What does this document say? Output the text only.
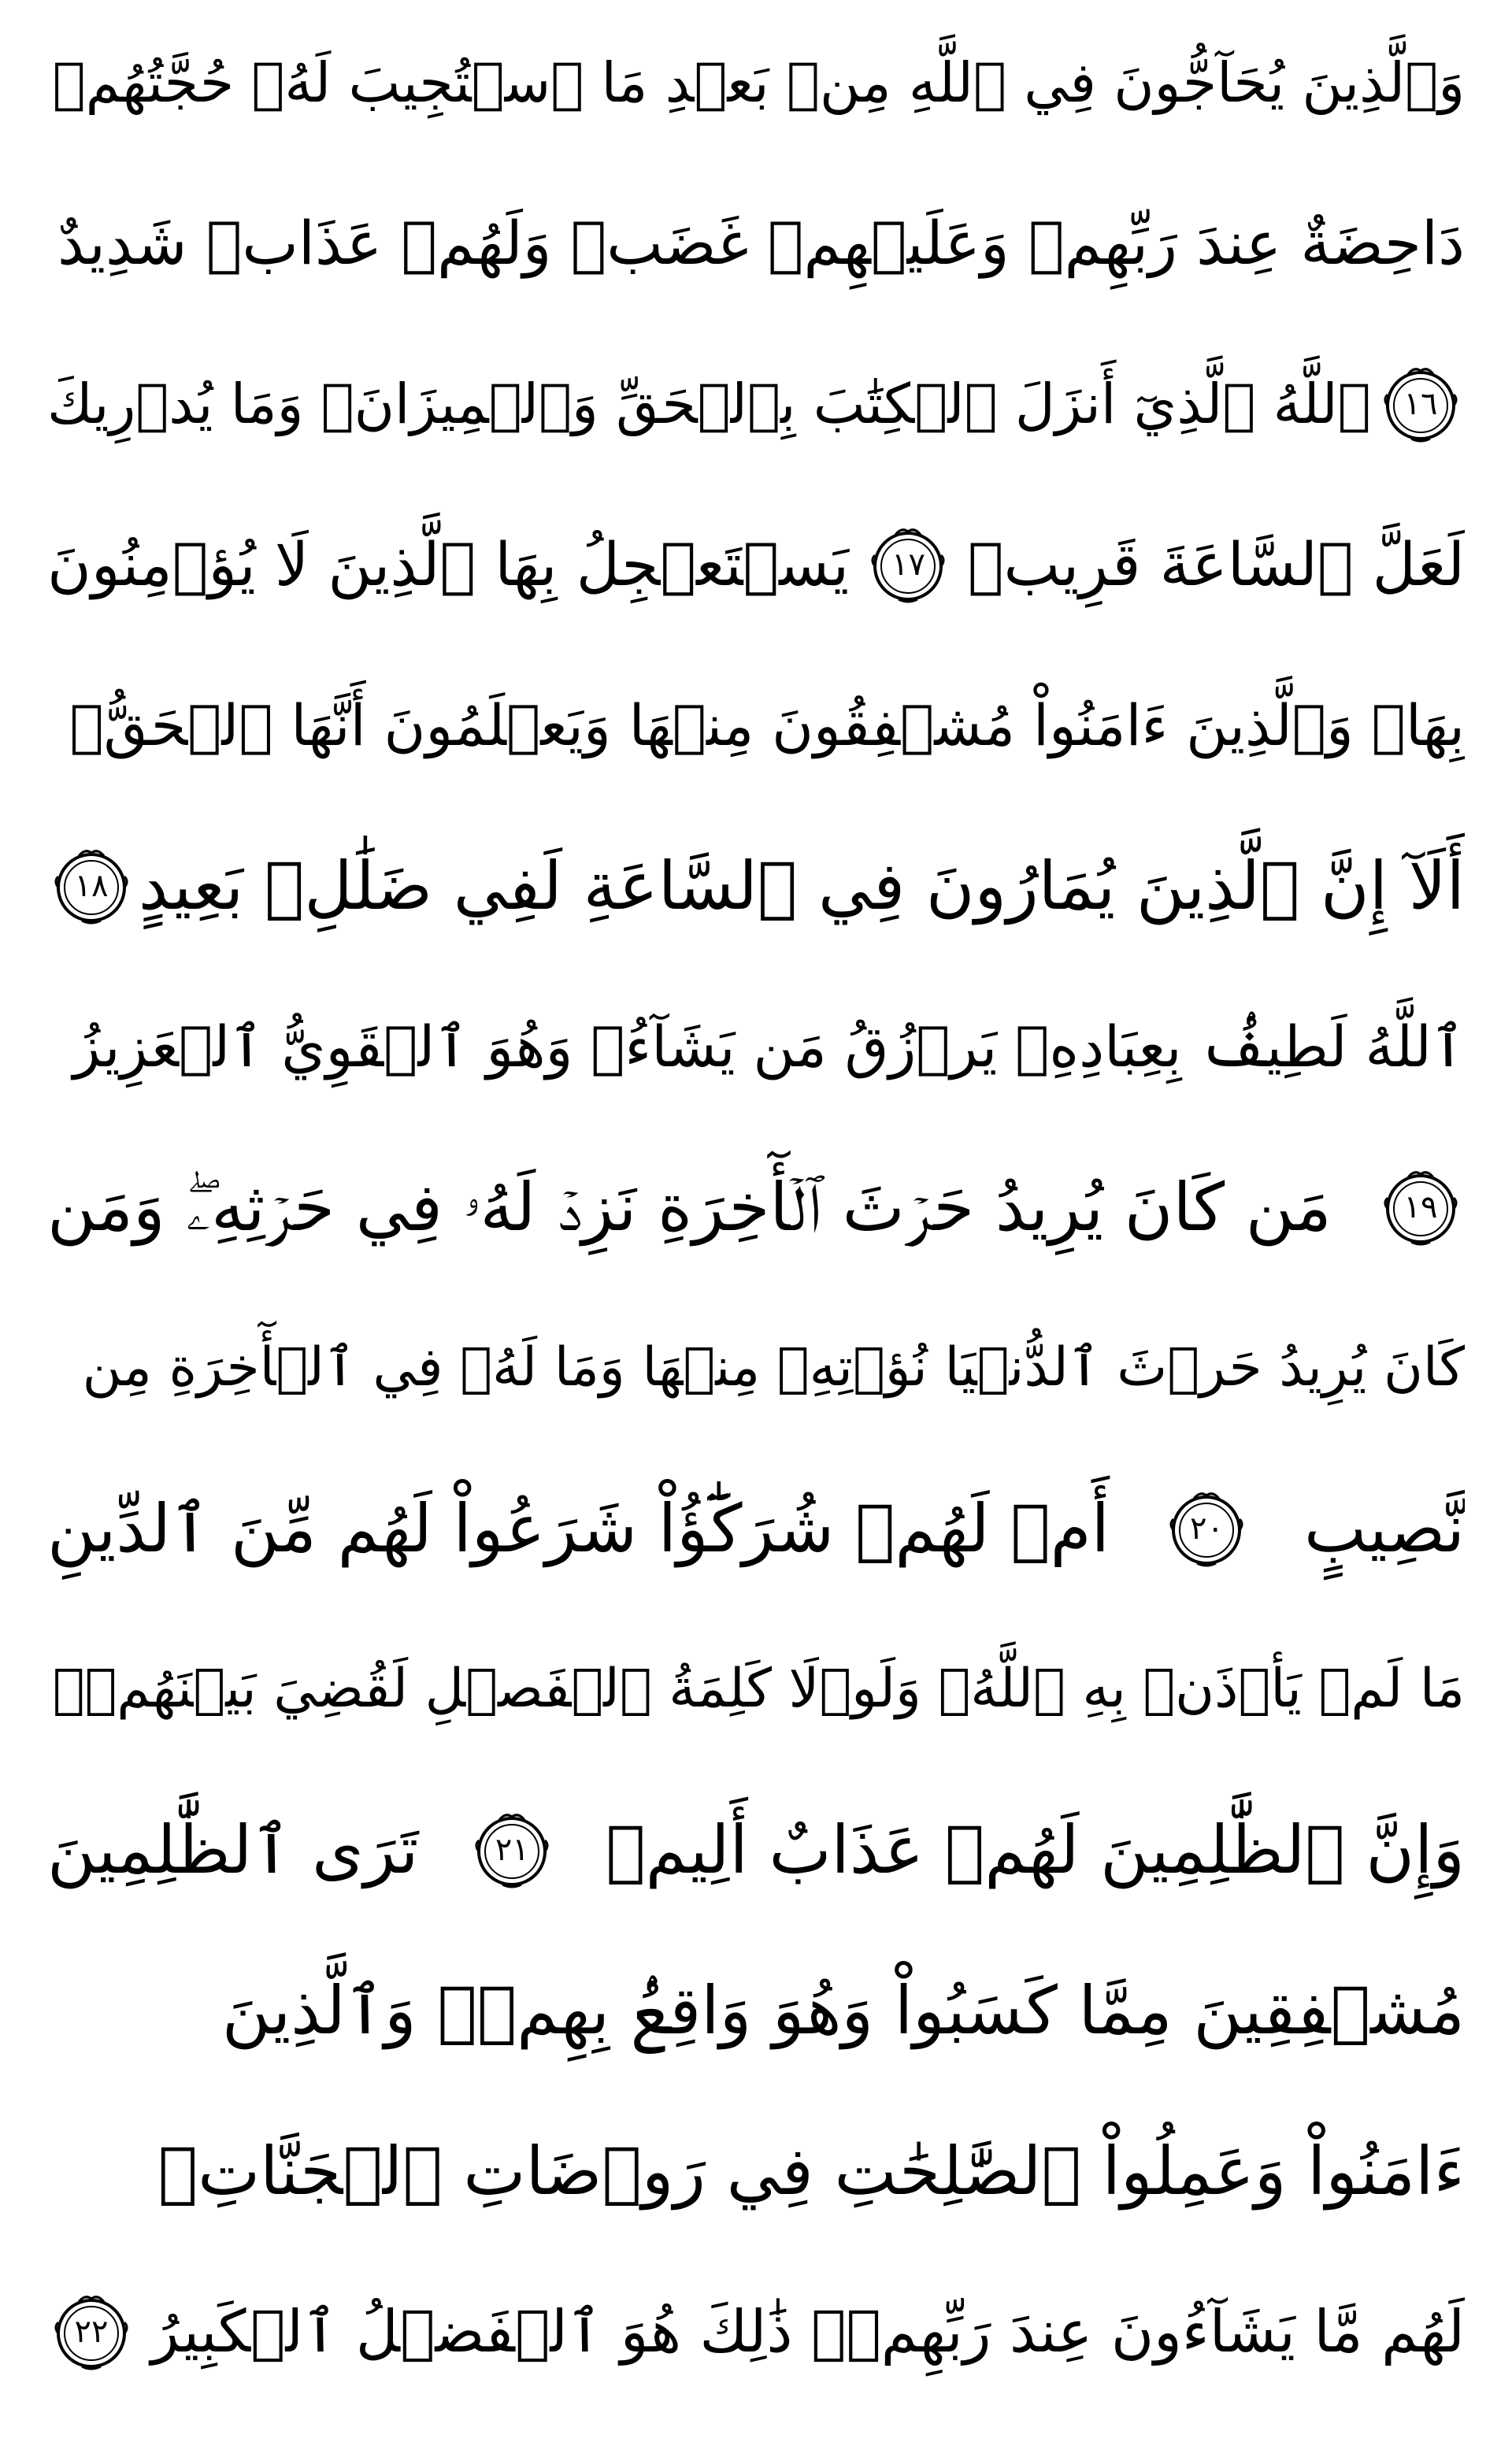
وَٱلَّذِينَ يُحَآجُّونَ فِي ٱللَّهِ مِنۢ بَعۡدِ مَا ٱسۡتُجِيبَ لَهُۥ حُجَّتُهُمۡ
دَاحِضَةٌ عِندَ رَبِّهِمۡ وَعَلَيۡهِمۡ غَضَبٞ وَلَهُمۡ عَذَابٞ شَدِيدٌ
١٦
ٱللَّهُ ٱلَّذِيٓ أَنزَلَ ٱلۡكِتَٰبَ بِٱلۡحَقِّ وَٱلۡمِيزَانَۗ وَمَا يُدۡرِيكَ
لَعَلَّ ٱلسَّاعَةَ قَرِيبٞ
١٧
يَسۡتَعۡجِلُ بِهَا ٱلَّذِينَ لَا يُؤۡمِنُونَ
بِهَاۖ وَٱلَّذِينَ ءَامَنُواْ مُشۡفِقُونَ مِنۡهَا وَيَعۡلَمُونَ أَنَّهَا ٱلۡحَقُّۗ
أَلَآ إِنَّ ٱلَّذِينَ يُمَارُونَ فِي ٱلسَّاعَةِ لَفِي ضَلَٰلِۭ بَعِيدٍ
١٨
ٱللَّهُ لَطِيفُۢ بِعِبَادِهِۦ يَرۡزُقُ مَن يَشَآءُۖ وَهُوَ ٱلۡقَوِيُّ ٱلۡعَزِيزُ
١٩
مَن كَانَ يُرِيدُ حَرۡثَ ٱلۡأٓخِرَةِ نَزِدۡ لَهُۥ فِي حَرۡثِهِۦۖ وَمَن
كَانَ يُرِيدُ حَرۡثَ ٱلدُّنۡيَا نُؤۡتِهِۦ مِنۡهَا وَمَا لَهُۥ فِي ٱلۡأٓخِرَةِ مِن
نَّصِيبٍ
٢٠
أَمۡ لَهُمۡ شُرَكَٰٓؤُاْ شَرَعُواْ لَهُم مِّنَ ٱلدِّينِ
مَا لَمۡ يَأۡذَنۢ بِهِ ٱللَّهُۚ وَلَوۡلَا كَلِمَةُ ٱلۡفَصۡلِ لَقُضِيَ بَيۡنَهُمۡۗ
وَإِنَّ ٱلظَّٰلِمِينَ لَهُمۡ عَذَابٌ أَلِيمٞ
٢١
تَرَى ٱلظَّٰلِمِينَ
مُشۡفِقِينَ مِمَّا كَسَبُواْ وَهُوَ وَاقِعُۢ بِهِمۡۗ وَٱلَّذِينَ
ءَامَنُواْ وَعَمِلُواْ ٱلصَّٰلِحَٰتِ فِي رَوۡضَاتِ ٱلۡجَنَّاتِۖ
لَهُم مَّا يَشَآءُونَ عِندَ رَبِّهِمۡۚ ذَٰلِكَ هُوَ ٱلۡفَضۡلُ ٱلۡكَبِيرُ
٢٢
